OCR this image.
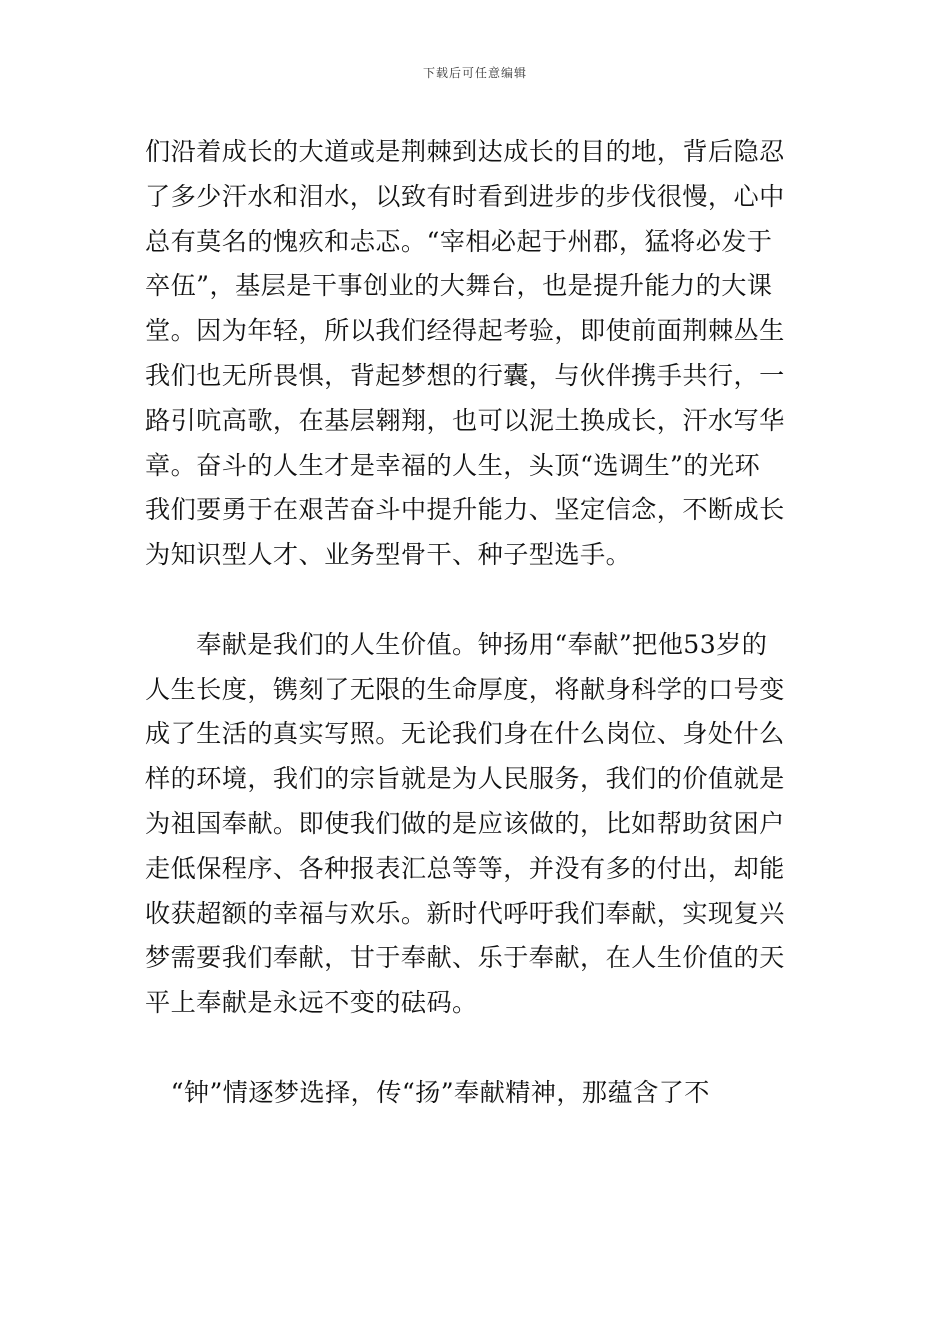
下载后可任意编辑
们沿着成长的大道或是荆棘到达成长的目的地，背后隐忍
了多少汗水和泪水，以致有时看到进步的步伐很慢，心中
总有莫名的愧疚和忐忑。“宰相必起于州郡，猛将必发于
卒伍”，基层是干事创业的大舞台，也是提升能力的大课
堂。因为年轻，所以我们经得起考验，即使前面荆棘丛生
我们也无所畏惧，背起梦想的行囊，与伙伴携手共行，一
路引吭高歌，在基层翱翔，也可以泥土换成长，汗水写华
章。奋斗的人生才是幸福的人生，头顶“选调生”的光环
我们要勇于在艰苦奋斗中提升能力、坚定信念，不断成长
为知识型人才、业务型骨干、种子型选手。
　　奉献是我们的人生价值。钟扬用“奉献”把他53岁的
人生长度，镌刻了无限的生命厚度，将献身科学的口号变
成了生活的真实写照。无论我们身在什么岗位、身处什么
样的环境，我们的宗旨就是为人民服务，我们的价值就是
为祖国奉献。即使我们做的是应该做的，比如帮助贫困户
走低保程序、各种报表汇总等等，并没有多的付出，却能
收获超额的幸福与欢乐。新时代呼吁我们奉献，实现复兴
梦需要我们奉献，甘于奉献、乐于奉献，在人生价值的天
平上奉献是永远不变的砝码。
　“钟”情逐梦选择，传“扬”奉献精神，那蕴含了不
